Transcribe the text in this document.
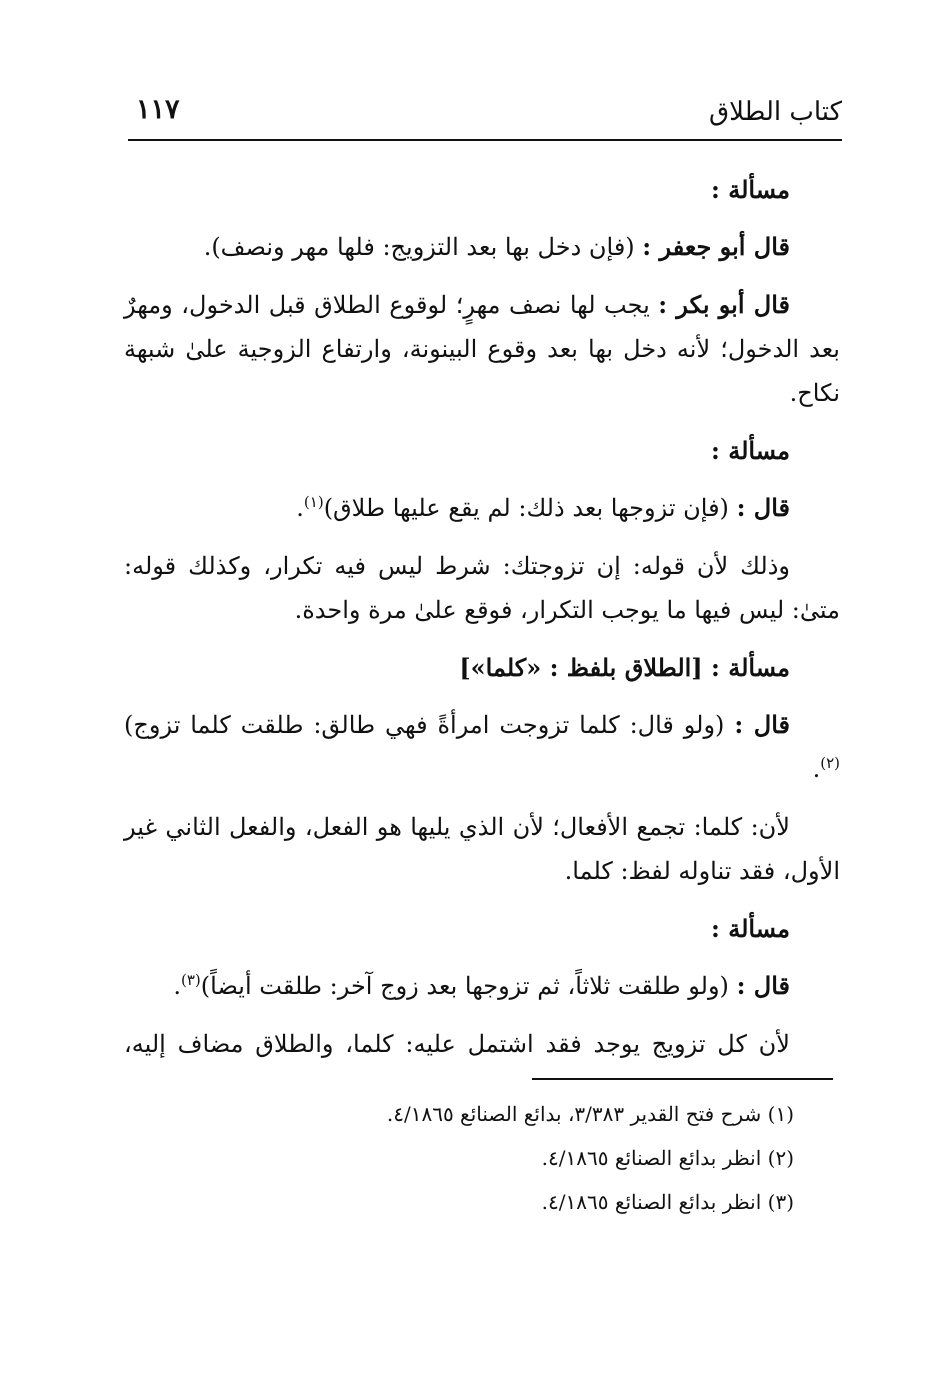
كتاب الطلاق
١١٧

مسألة :

قال أبو جعفر : (فإن دخل بها بعد التزويج: فلها مهر ونصف).

قال أبو بكر : يجب لها نصف مهرٍ؛ لوقوع الطلاق قبل الدخول، ومهرٌ بعد الدخول؛ لأنه دخل بها بعد وقوع البينونة، وارتفاع الزوجية علىٰ شبهة نكاح.

مسألة :

قال : (فإن تزوجها بعد ذلك: لم يقع عليها طلاق)$^{(١)}$.

وذلك لأن قوله: إن تزوجتك: شرط ليس فيه تكرار، وكذلك قوله: متىٰ: ليس فيها ما يوجب التكرار، فوقع علىٰ مرة واحدة.

مسألة : [الطلاق بلفظ : «كلما»]

قال : (ولو قال: كلما تزوجت امرأةً فهي طالق: طلقت كلما تزوج)$^{(٢)}$.

لأن: كلما: تجمع الأفعال؛ لأن الذي يليها هو الفعل، والفعل الثاني غير الأول، فقد تناوله لفظ: كلما.

مسألة :

قال : (ولو طلقت ثلاثاً، ثم تزوجها بعد زوج آخر: طلقت أيضاً)$^{(٣)}$.

لأن كل تزويج يوجد فقد اشتمل عليه: كلما، والطلاق مضاف إليه،

(١) شرح فتح القدير ٣/٣٨٣، بدائع الصنائع ٤/١٨٦٥.

(٢) انظر بدائع الصنائع ٤/١٨٦٥.

(٣) انظر بدائع الصنائع ٤/١٨٦٥.
